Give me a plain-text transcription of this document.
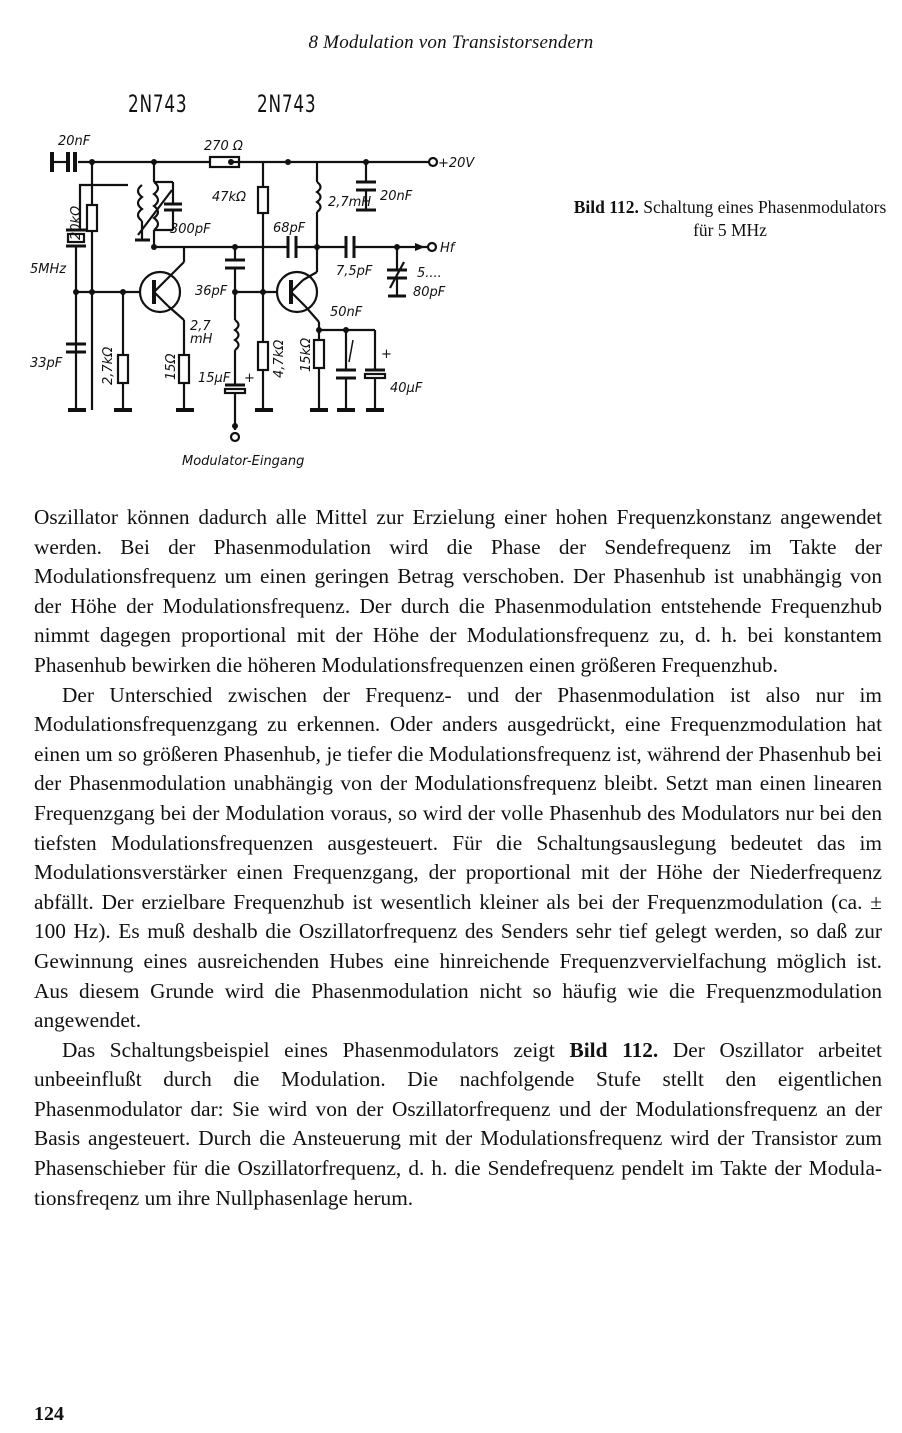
8 Modulation von Transistorsendern
2N743	2N743
20nF	270 Ω
+20V
20nF
20kΩ	300pF
5MHz
47kΩ
68pF
2,7mH
Hf
7,5pF	5....
80pF
36pF
50nF
+
40µF
15kΩ
4,7kΩ
2,7
mH
15µF +
Modulator-Eingang
15Ω
33pF	2,7kΩ
Bild 112. Schaltung eines Phasenmodulators für 5 MHz

Oszillator können dadurch alle Mittel zur Erzielung einer hohen Frequenzkonstanz angewendet werden. Bei der Phasenmodulation wird die Phase der Sendefrequenz im Takte der Modulationsfrequenz um einen geringen Betrag verschoben. Der Phasenhub ist unabhängig von der Höhe der Modulationsfrequenz. Der durch die Phasenmodulation entstehende Frequenzhub nimmt dagegen proportional mit der Höhe der Modulationsfrequenz zu, d. h. bei konstantem Phasenhub bewirken die höheren Modulationsfrequenzen einen größeren Frequenzhub.

Der Unterschied zwischen der Frequenz- und der Phasenmodulation ist also nur im Modulationsfrequenzgang zu erkennen. Oder anders ausgedrückt, eine Frequenzmodulation hat einen um so größeren Phasenhub, je tiefer die Modulationsfrequenz ist, während der Phasenhub bei der Phasenmodulation unabhängig von der Modulationsfrequenz bleibt. Setzt man einen linearen Frequenzgang bei der Modulation voraus, so wird der volle Phasenhub des Modulators nur bei den tiefsten Modulationsfrequenzen ausgesteuert. Für die Schaltungsauslegung bedeutet das im Modulationsverstärker einen Frequenzgang, der proportional mit der Höhe der Niederfrequenz abfällt. Der erzielbare Frequenzhub ist wesentlich kleiner als bei der Frequenzmodulation (ca. ± 100 Hz). Es muß deshalb die Oszillatorfrequenz des Senders sehr tief gelegt werden, so daß zur Gewinnung eines ausreichenden Hubes eine hinreichende Frequenzvervielfachung möglich ist. Aus diesem Grunde wird die Phasenmodulation nicht so häufig wie die Frequenzmodulation angewendet.

Das Schaltungsbeispiel eines Phasenmodulators zeigt Bild 112. Der Oszillator arbeitet unbeeinflußt durch die Modulation. Die nachfolgende Stufe stellt den eigentlichen Phasenmodulator dar: Sie wird von der Oszillatorfrequenz und der Modulationsfrequenz an der Basis angesteuert. Durch die Ansteuerung mit der Modulationsfrequenz wird der Transistor zum Phasenschieber für die Oszillatorfrequenz, d. h. die Sendefrequenz pendelt im Takte der Modulationsfreqenz um ihre Nullphasenlage herum.

124
